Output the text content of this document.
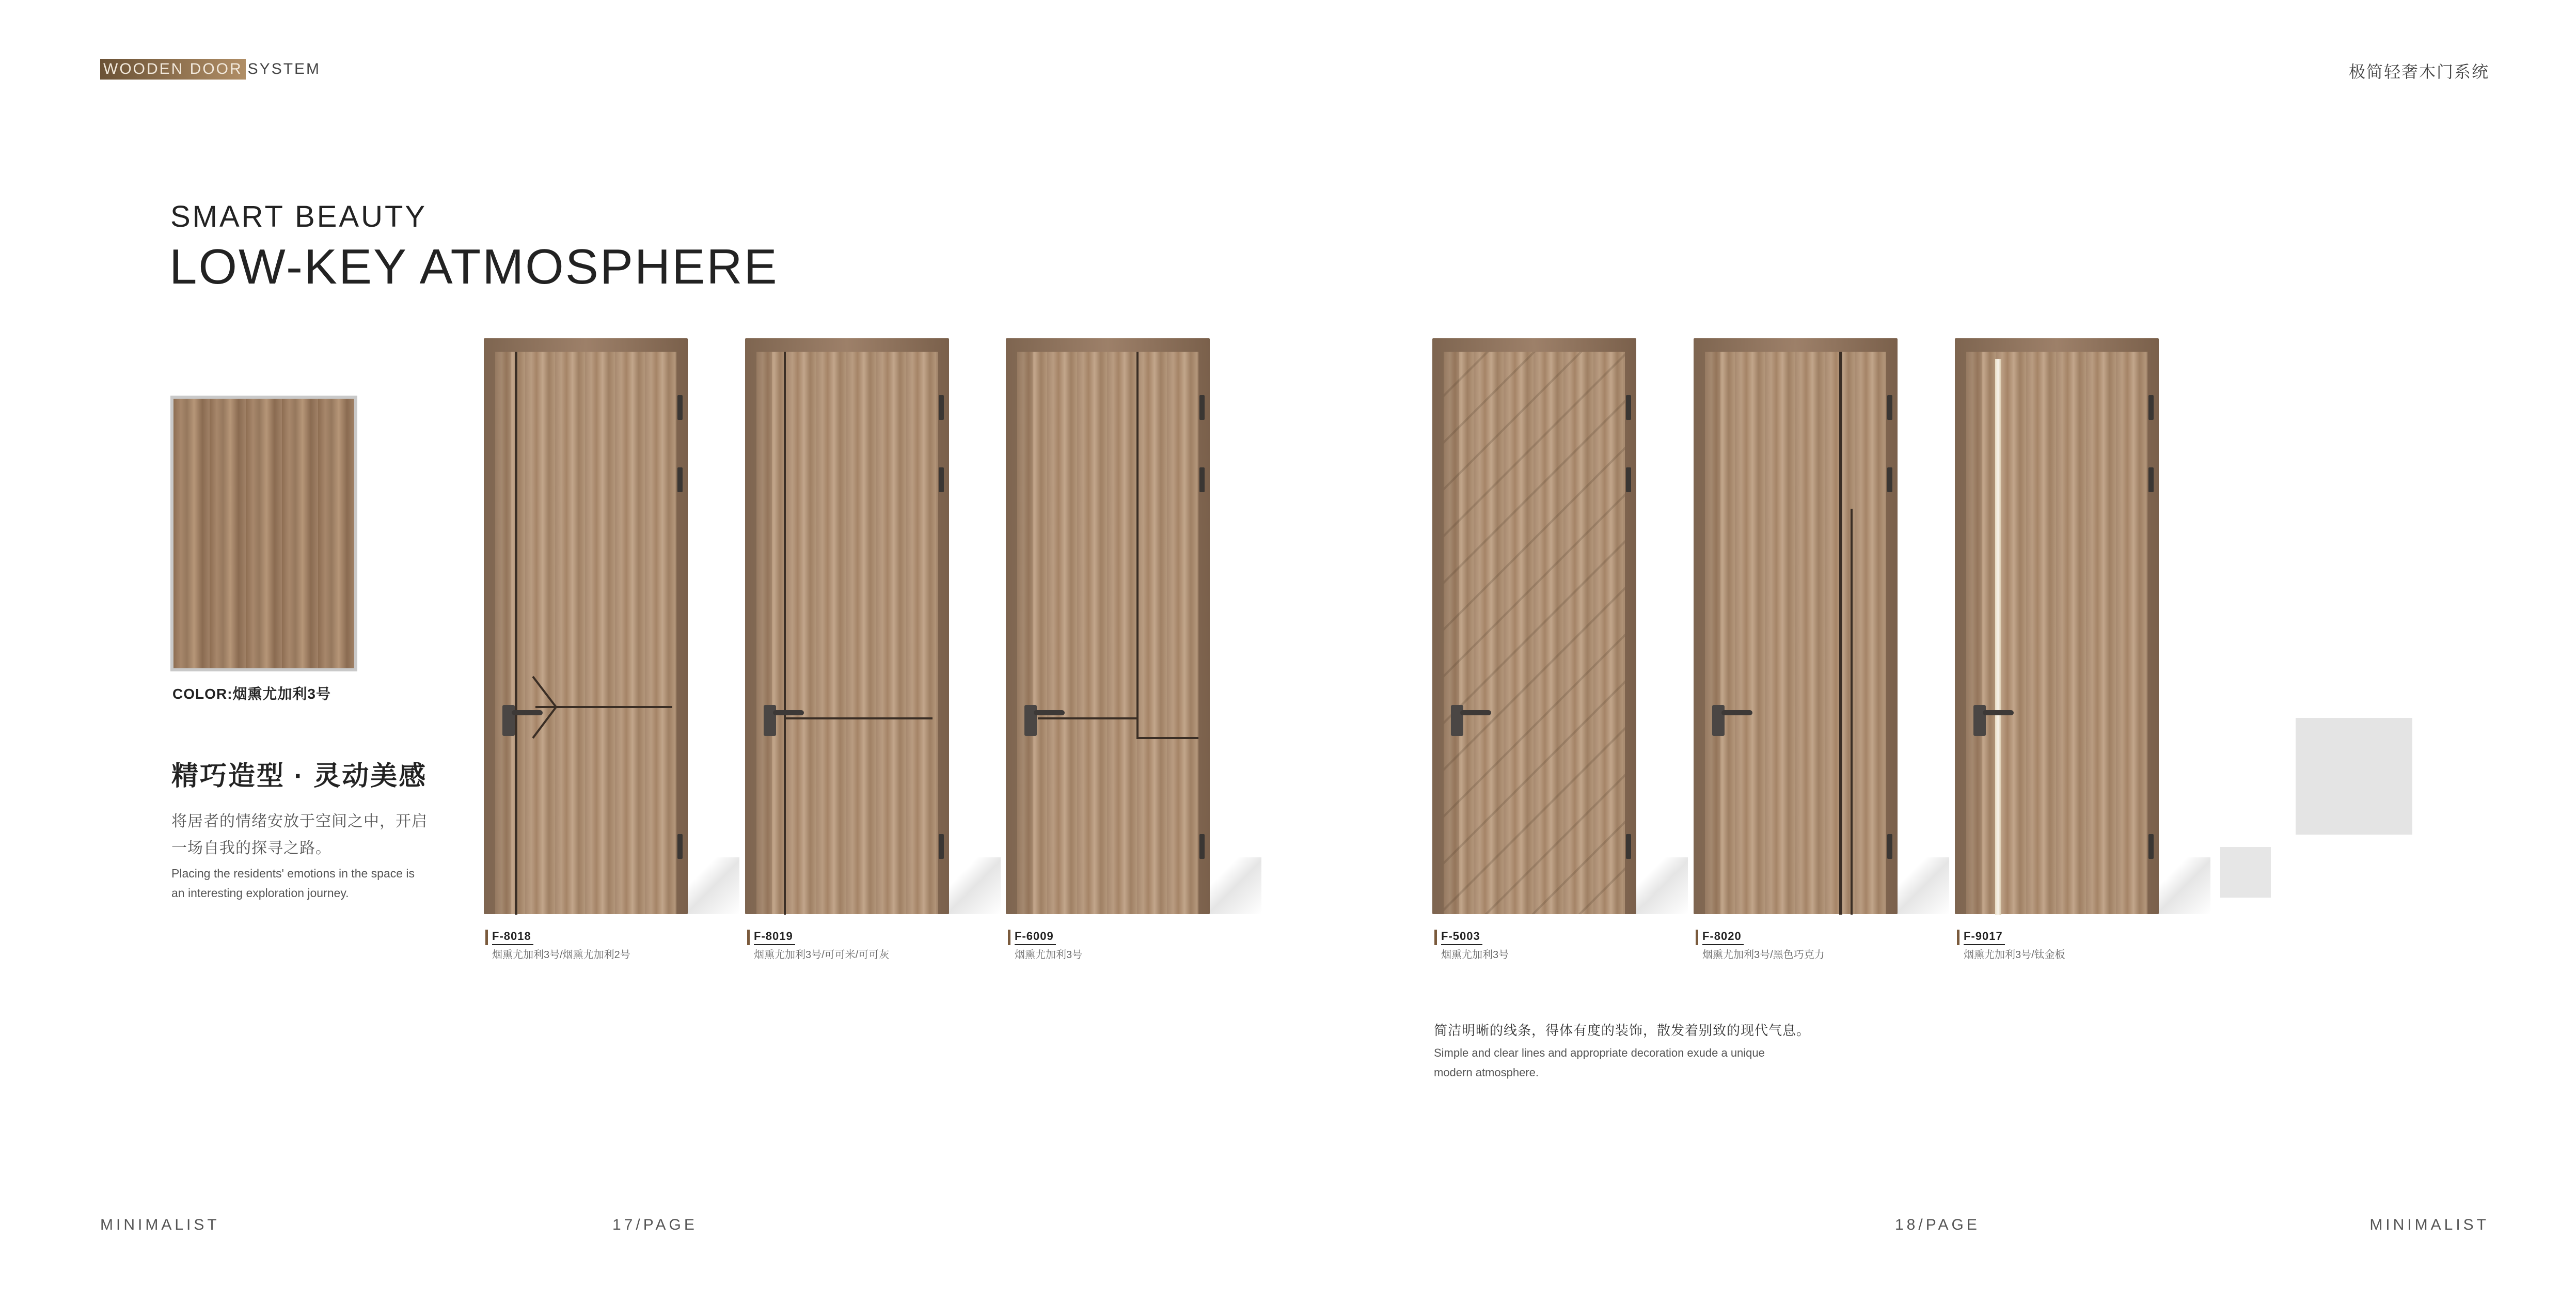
WOODEN DOOR SYSTEM	极简轻奢木门系统
SMART BEAUTY
LOW-KEY ATMOSPHERE
COLOR:烟熏尤加利3号
精巧造型 · 灵动美感
将居者的情绪安放于空间之中，开启一场自我的探寻之路。
Placing the residents' emotions in the space is an interesting exploration journey.
F-8018
烟熏尤加利3号/烟熏尤加利2号
F-8019
烟熏尤加利3号/可可米/可可灰
F-6009
烟熏尤加利3号
F-5003
烟熏尤加利3号
F-8020
烟熏尤加利3号/黑色巧克力
F-9017
烟熏尤加利3号/钛金板
简洁明晰的线条，得体有度的装饰，散发着别致的现代气息。
Simple and clear lines and appropriate decoration exude a unique modern atmosphere.
MINIMALIST	17/PAGE	18/PAGE	MINIMALIST
